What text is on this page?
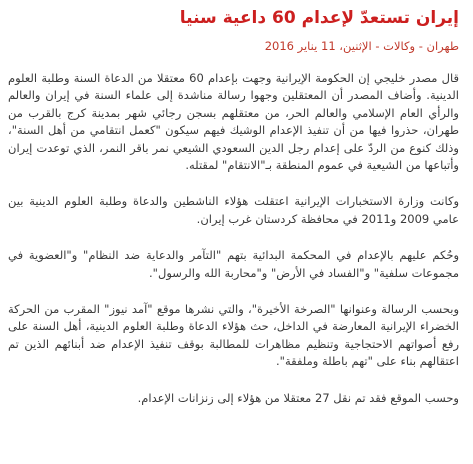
إيران تستعدّ لإعدام 60 داعية سنيا
طهران - وكالات - الإثنين، 11 يناير 2016

قال مصدر خليجي إن الحكومة الإيرانية وجهت بإعدام 60 معتقلا من الدعاة السنة وطلبة العلوم الدينية. وأضاف المصدر أن المعتقلين وجهوا رسالة مناشدة إلى علماء السنة في إيران والعالم والرأي العام الإسلامي والعالم الحر، من معتقلهم بسجن رجائي شهر بمدينة كرج بالقرب من طهران، حذروا فيها من أن تنفيذ الإعدام الوشيك فيهم سيكون "كعمل انتقامي من أهل السنة"، وذلك كنوع من الردّ على إعدام رجل الدين السعودي الشيعي نمر باقر النمر، الذي توعدت إيران وأتباعها من الشيعية في عموم المنطقة بـ"الانتقام" لمقتله.

وكانت وزارة الاستخبارات الإيرانية اعتقلت هؤلاء الناشطين والدعاة وطلبة العلوم الدينية بين عامي 2009 و2011 في محافظة كردستان غرب إيران.

وحُكم عليهم بالإعدام في المحكمة البدائية بتهم "التآمر والدعاية ضد النظام" و"العضوية في مجموعات سلفية" و"الفساد في الأرض" و"محاربة الله والرسول".

وبحسب الرسالة وعنوانها "الصرخة الأخيرة"، والتي نشرها موقع "آمد نيوز" المقرب من الحركة الخضراء الإيرانية المعارضة في الداخل، حث هؤلاء الدعاة وطلبة العلوم الدينية، أهل السنة على رفع أصواتهم الاحتجاجية وتنظيم مظاهرات للمطالبة بوقف تنفيذ الإعدام ضد أبنائهم الذين تم اعتقالهم بناء على "تهم باطلة وملفقة".

وحسب الموقع فقد تم نقل 27 معتقلا من هؤلاء إلى زنزانات الإعدام.
